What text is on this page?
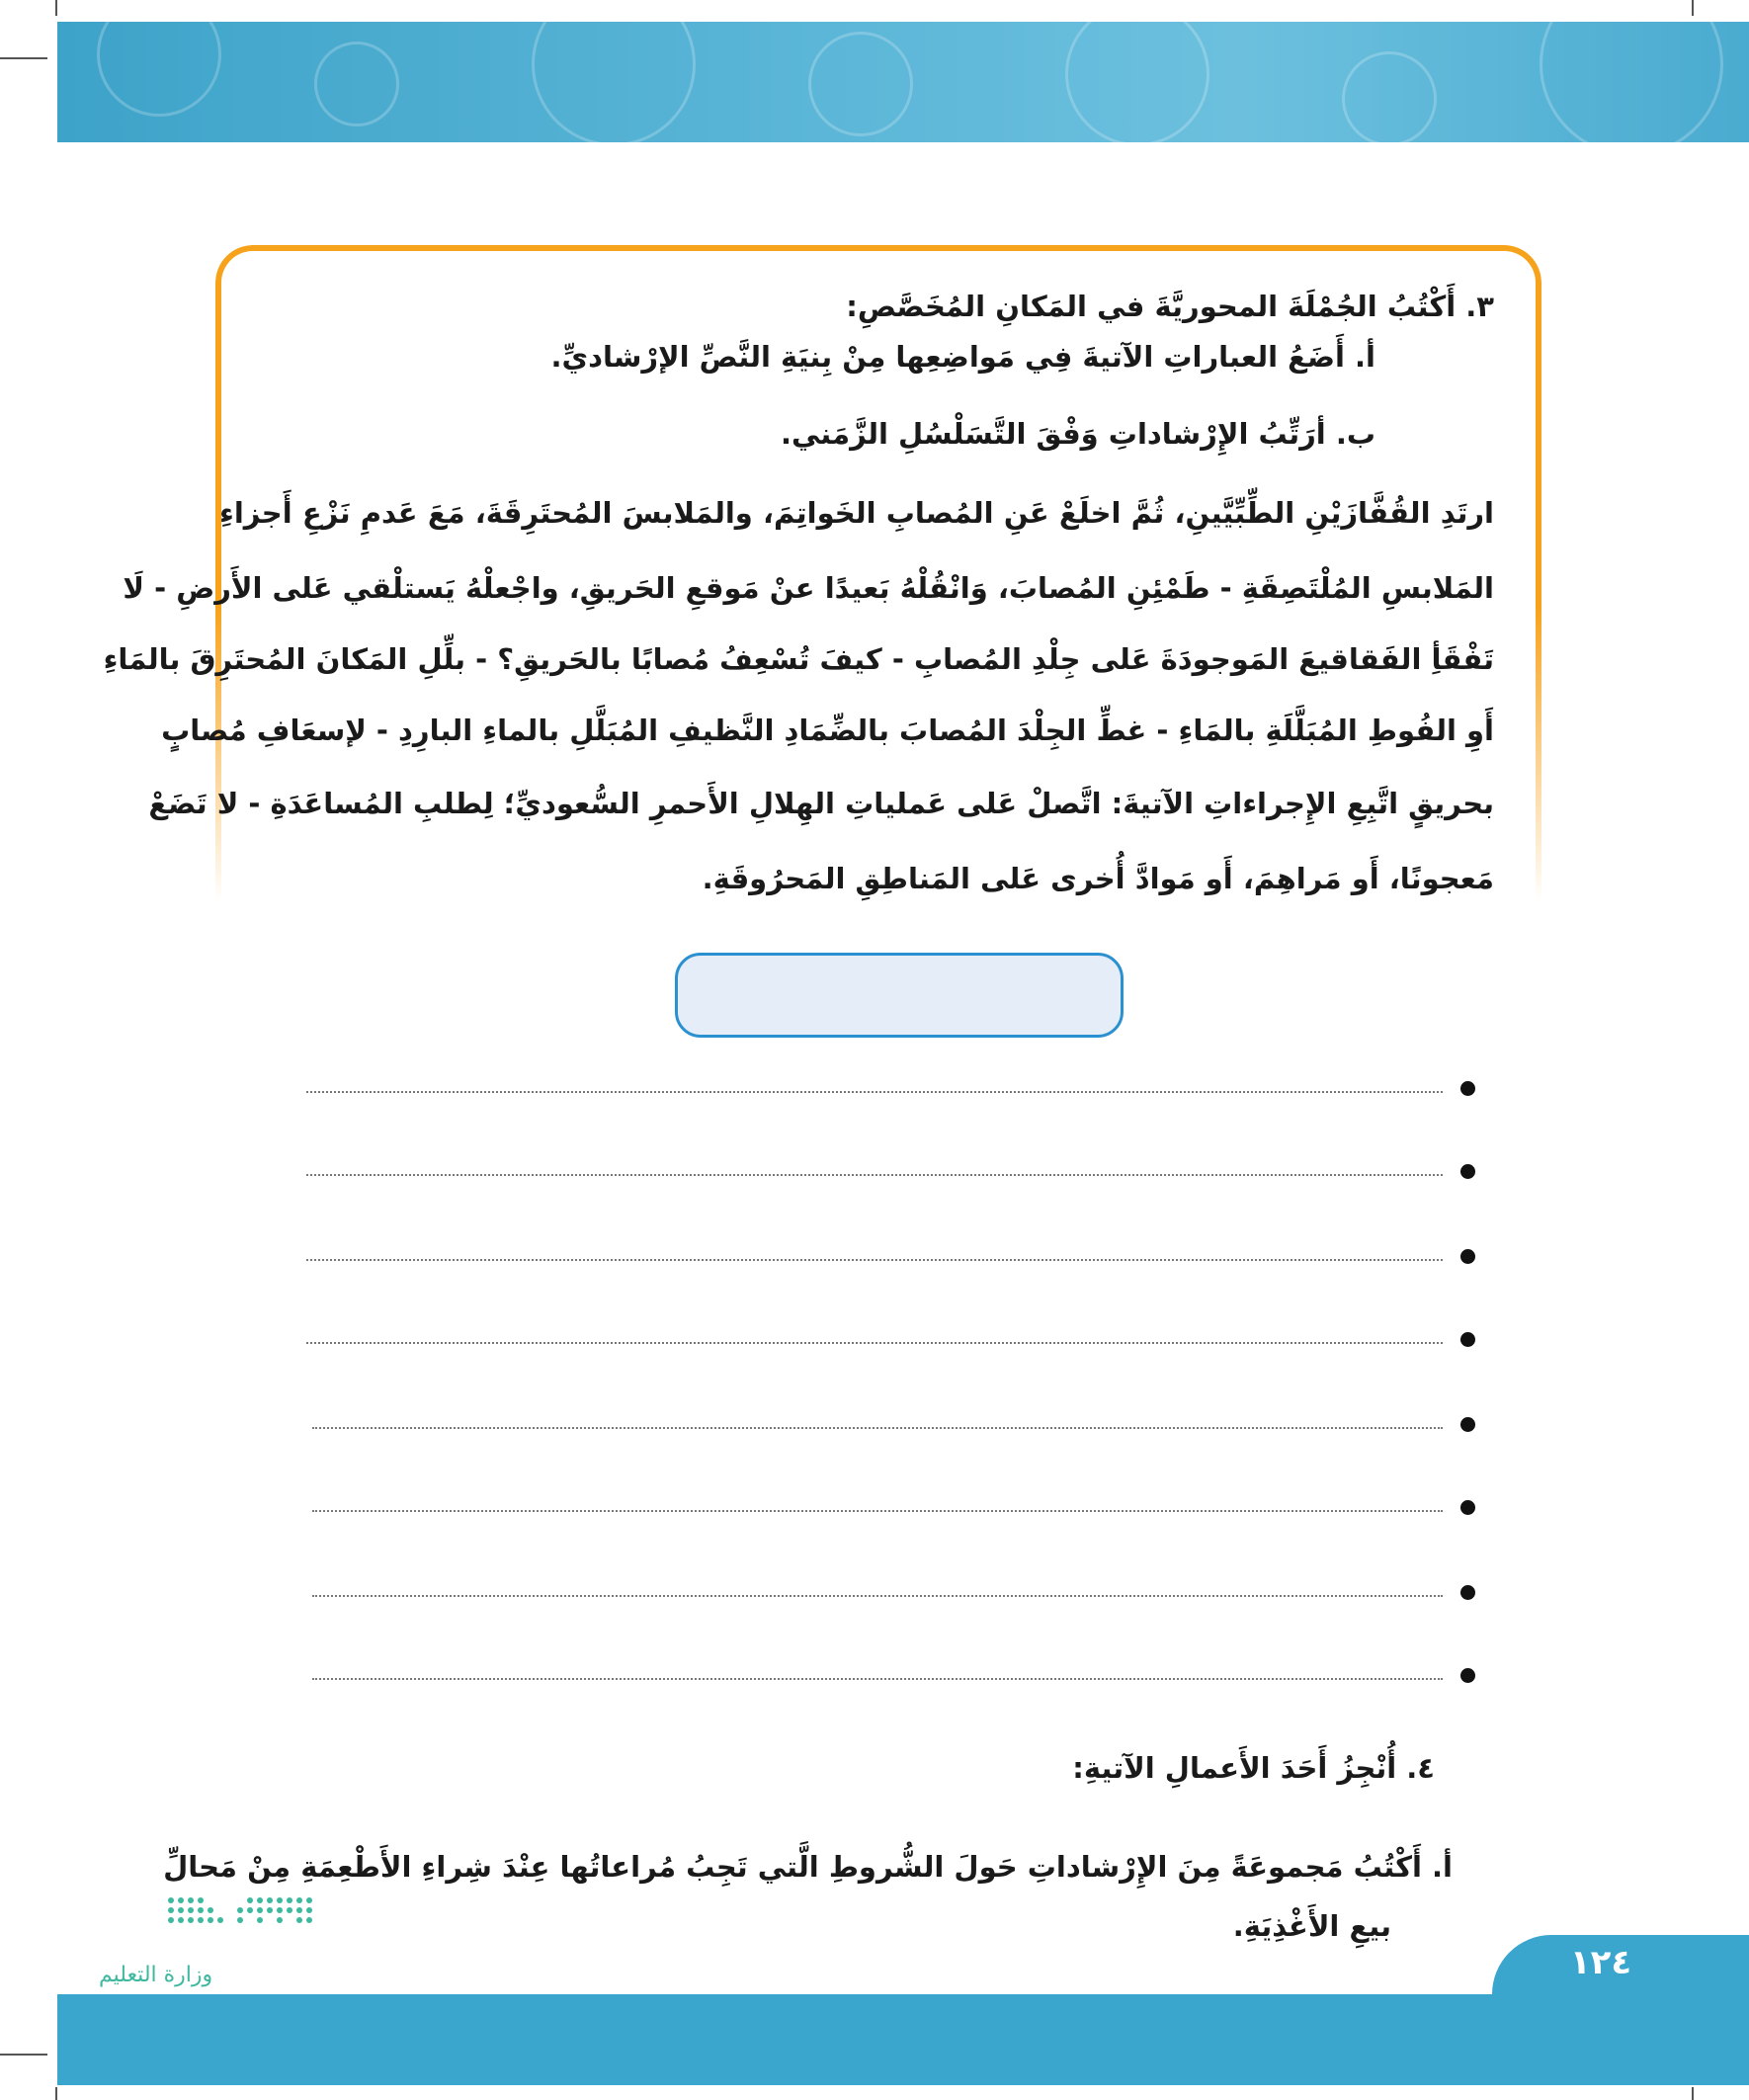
٣. أَكْتُبُ الجُمْلَةَ المحوريَّةَ في المَكانِ المُخَصَّصِ:
أ. أَضَعُ العباراتِ الآتيةَ فِي مَواضِعِها مِنْ بِنيَةِ النَّصِّ الإرْشاديِّ.
ب. أرَتِّبُ الإِرْشاداتِ وَفْقَ التَّسَلْسُلِ الزَّمَني.
ارتَدِ القُفَّازَيْنِ الطِّبِّيَّينِ، ثُمَّ اخلَعْ عَنِ المُصابِ الخَواتِمَ، والمَلابسَ المُحتَرِقَةَ، مَعَ عَدمِ نَزْعِ أَجزاءِ
المَلابسِ المُلْتَصِقَةِ - طَمْئِنِ المُصابَ، وَانْقُلْهُ بَعيدًا عنْ مَوقعِ الحَريقِ، واجْعلْهُ يَستلْقي عَلى الأَرضِ - لَا
تَفْقَأِ الفَقاقيعَ المَوجودَةَ عَلى جِلْدِ المُصابِ - كيفَ تُسْعِفُ مُصابًا بالحَريقِ؟ - بلِّلِ المَكانَ المُحتَرِقَ بالمَاءِ
أَوِ الفُوطِ المُبَلَّلَةِ بالمَاءِ - غطِّ الجِلْدَ المُصابَ بالضِّمَادِ النَّظيفِ المُبَلَّلِ بالماءِ البارِدِ - لإسعَافِ مُصابٍ
بحريقٍ اتَّبِعِ الإِجراءاتِ الآتيةَ: اتَّصلْ عَلى عَملياتِ الهِلالِ الأَحمرِ السُّعوديِّ؛ لِطلبِ المُساعَدَةِ - لا تَضَعْ
مَعجونًا، أَو مَراهِمَ، أَو مَوادَّ أُخرى عَلى المَناطِقِ المَحرُوقَةِ.
٤. أُنْجِزُ أَحَدَ الأَعمالِ الآتيةِ:
أ. أَكْتُبُ مَجموعَةً مِنَ الإِرْشاداتِ حَولَ الشُّروطِ الَّتي تَجِبُ مُراعاتُها عِنْدَ شِراءِ الأَطْعِمَةِ مِنْ مَحالِّ
بيعِ الأَغْذِيَةِ.
١٢٤
وزارة التعليم
